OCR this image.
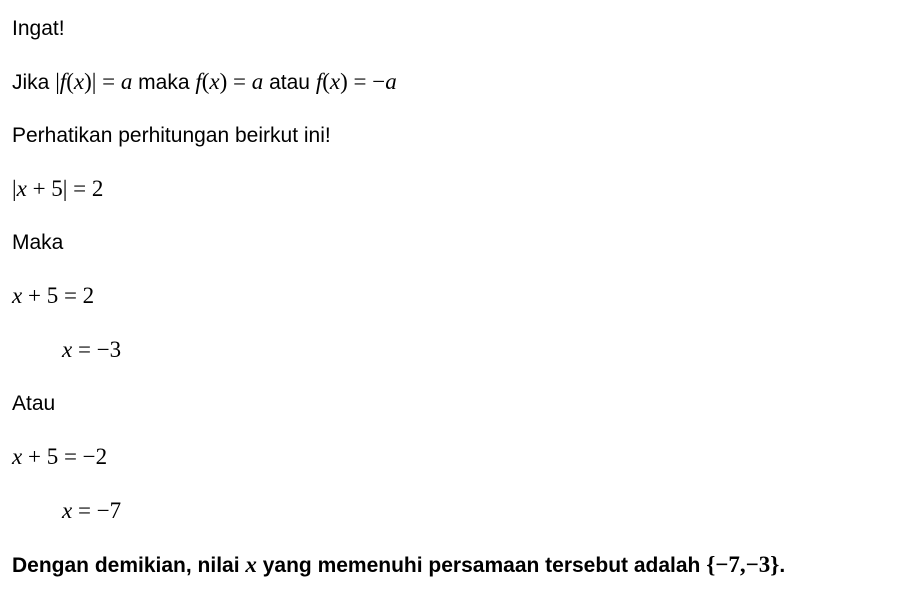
Ingat!

Jika |f(x)| = a maka f(x) = a atau f(x) = −a

Perhatikan perhitungan beirkut ini!

|x + 5| = 2

Maka

x + 5 = 2

x = −3

Atau

x + 5 = −2

x = −7

Dengan demikian, nilai x yang memenuhi persamaan tersebut adalah {−7,−3}.
